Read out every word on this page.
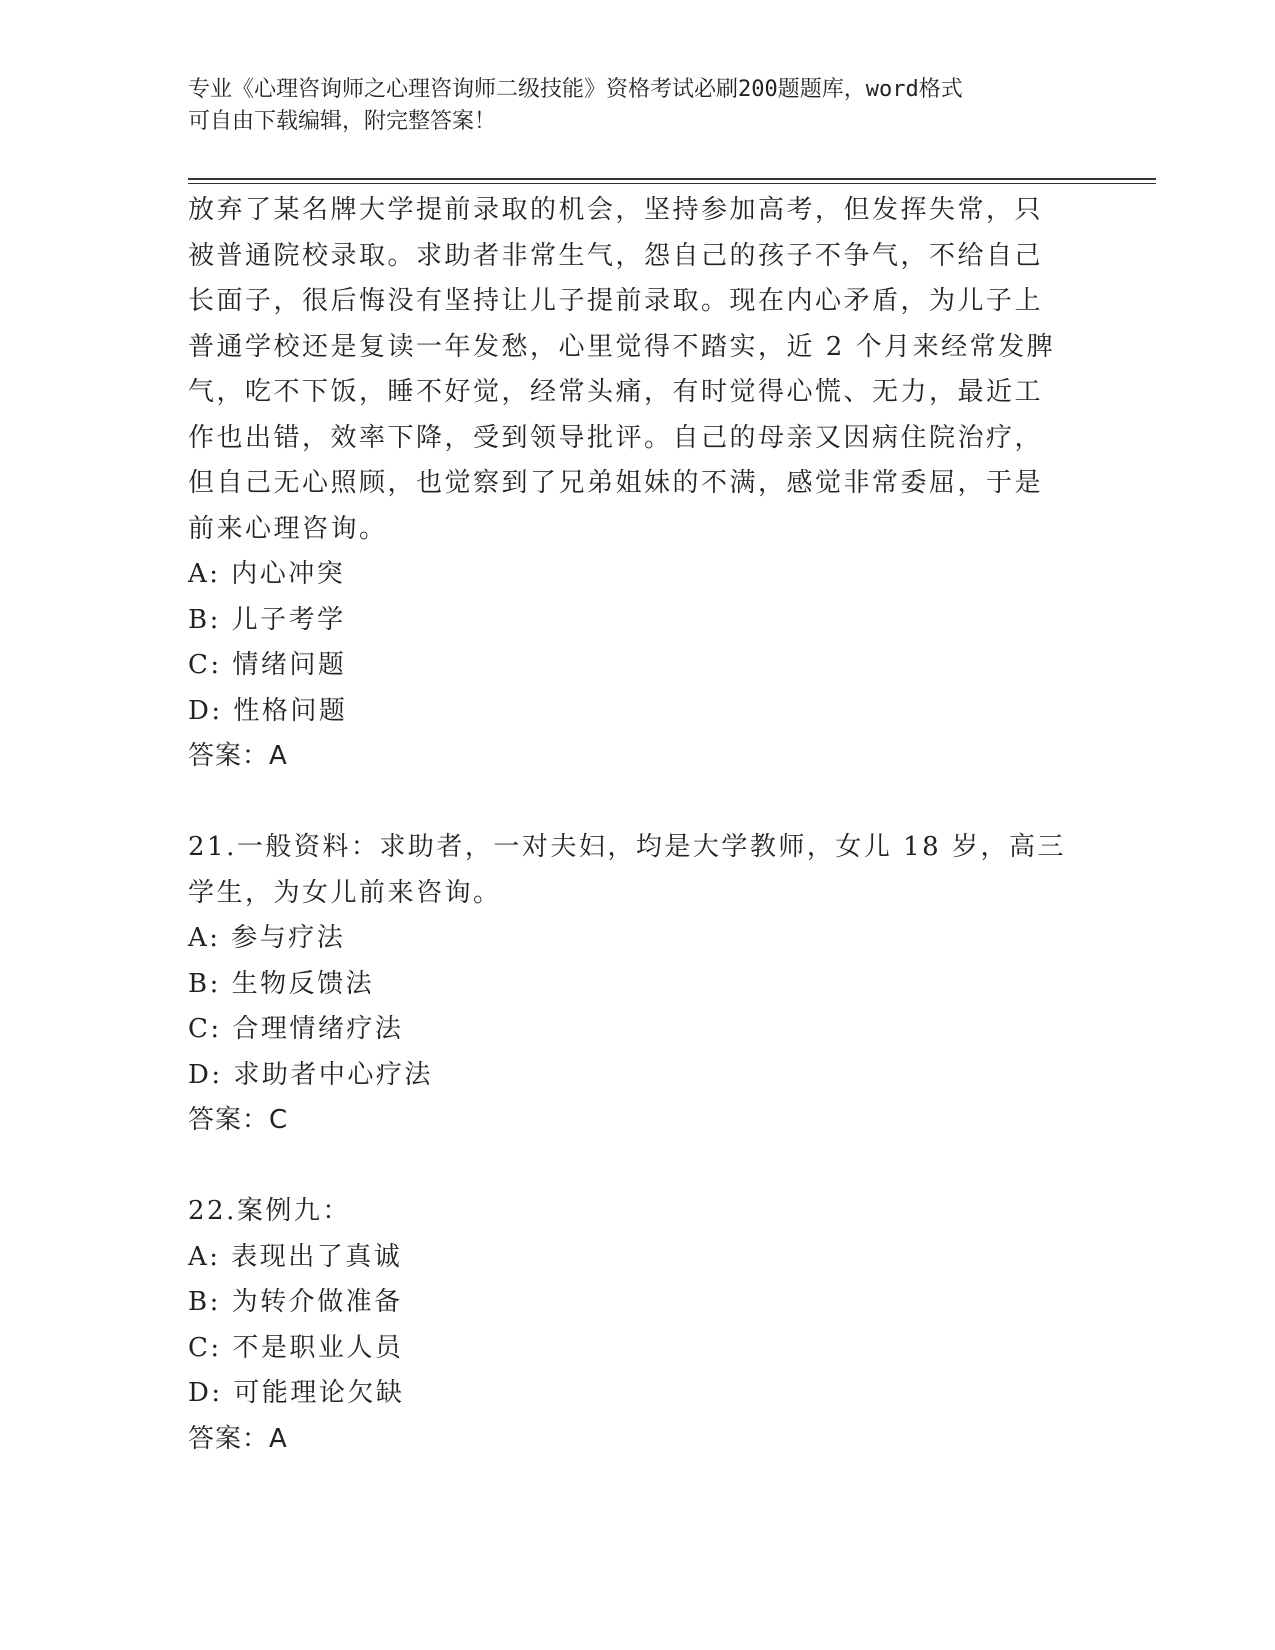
专业《心理咨询师之心理咨询师二级技能》资格考试必刷200题题库，word格式
可自由下载编辑，附完整答案！
放弃了某名牌大学提前录取的机会，坚持参加高考，但发挥失常，只
被普通院校录取。求助者非常生气，怨自己的孩子不争气，不给自己
长面子，很后悔没有坚持让儿子提前录取。现在内心矛盾，为儿子上
普通学校还是复读一年发愁，心里觉得不踏实，近 2 个月来经常发脾
气，吃不下饭，睡不好觉，经常头痛，有时觉得心慌、无力，最近工
作也出错，效率下降，受到领导批评。自己的母亲又因病住院治疗，
但自己无心照顾，也觉察到了兄弟姐妹的不满，感觉非常委屈，于是
前来心理咨询。
A: 内心冲突
B: 儿子考学
C: 情绪问题
D: 性格问题
答案：A
21.一般资料：求助者，一对夫妇，均是大学教师，女儿 18 岁，高三
学生，为女儿前来咨询。
A: 参与疗法
B: 生物反馈法
C: 合理情绪疗法
D: 求助者中心疗法
答案：C
22.案例九：
A: 表现出了真诚
B: 为转介做准备
C: 不是职业人员
D: 可能理论欠缺
答案：A
